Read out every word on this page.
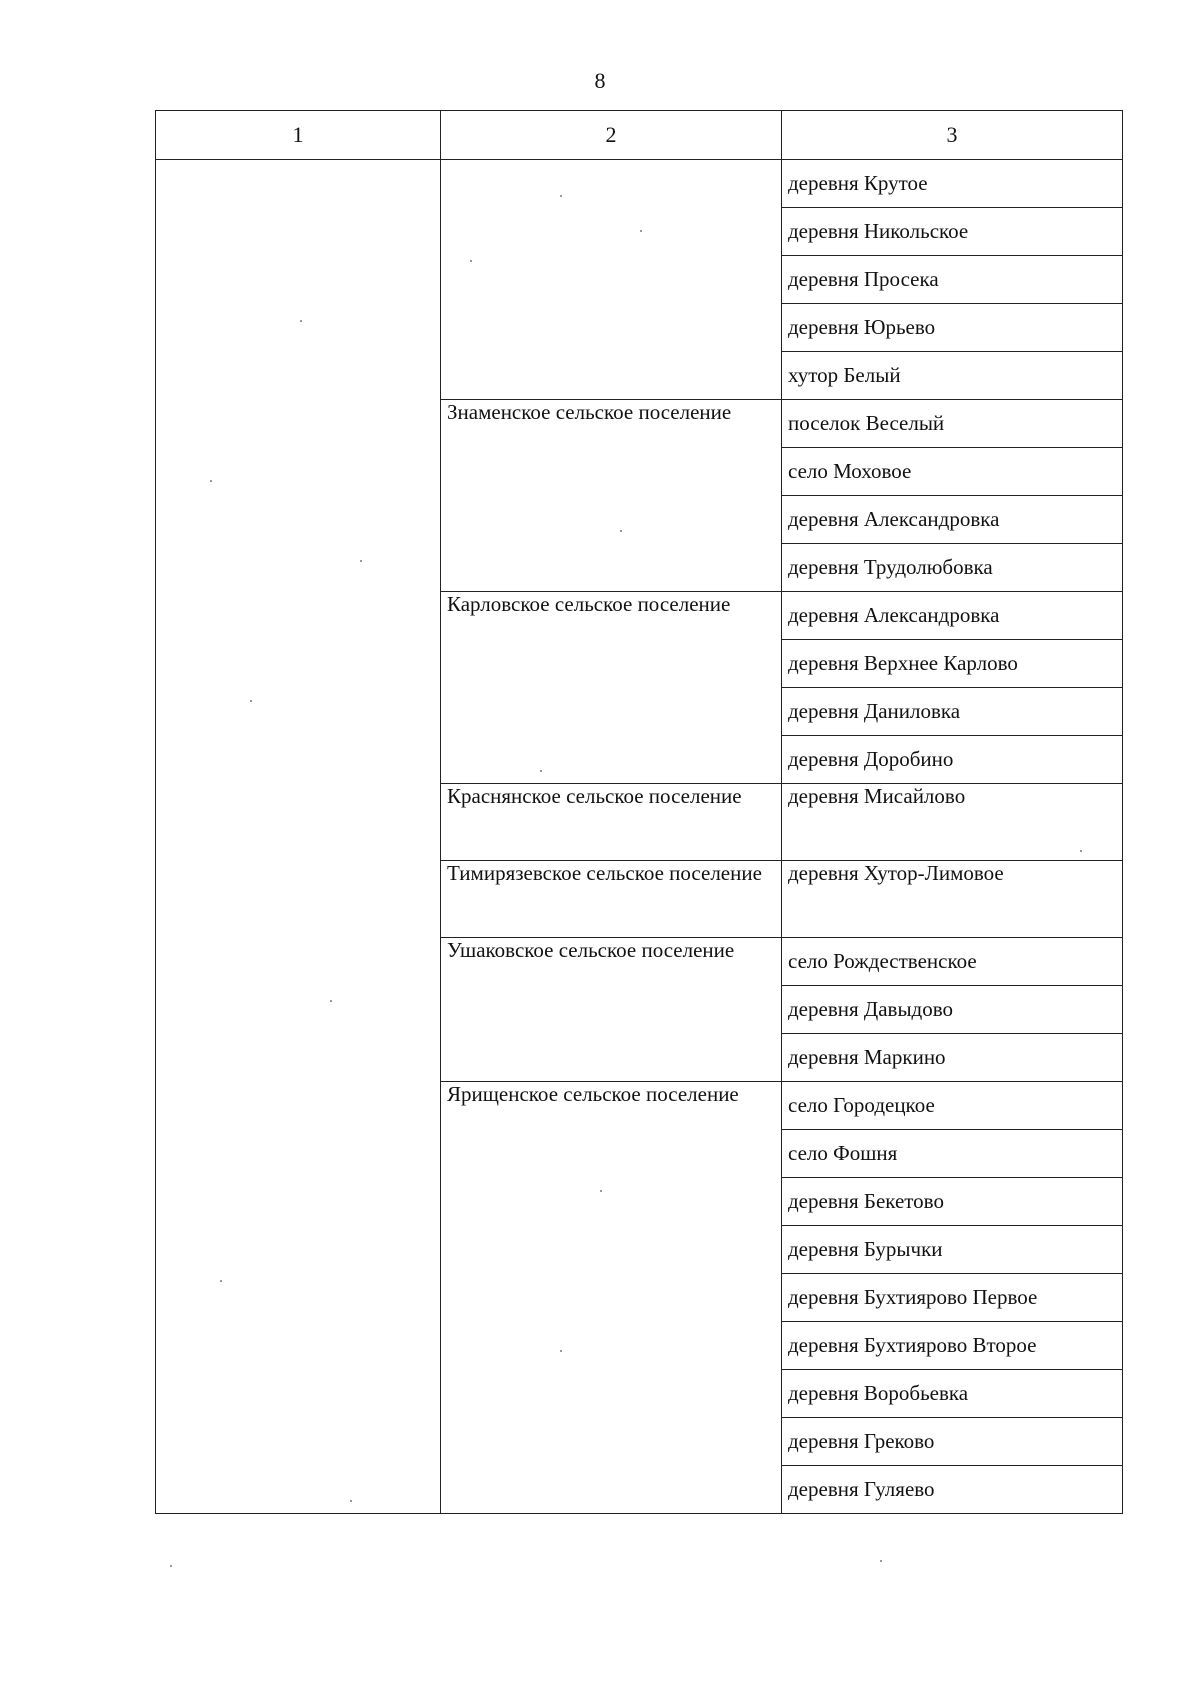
8
1	2	3
		деревня Крутое
		деревня Никольское
		деревня Просека
		деревня Юрьево
		хутор Белый
	Знаменское сельское поселение	поселок Веселый
		село Моховое
		деревня Александровка
		деревня Трудолюбовка
	Карловское сельское поселение	деревня Александровка
		деревня Верхнее Карлово
		деревня Даниловка
		деревня Доробино
	Краснянское сельское поселение	деревня Мисайлово
	Тимирязевское сельское поселение	деревня Хутор-Лимовое
	Ушаковское сельское поселение	село Рождественское
		деревня Давыдово
		деревня Маркино
	Ярищенское сельское поселение	село Городецкое
		село Фошня
		деревня Бекетово
		деревня Бурычки
		деревня Бухтиярово Первое
		деревня Бухтиярово Второе
		деревня Воробьевка
		деревня Греково
		деревня Гуляево
